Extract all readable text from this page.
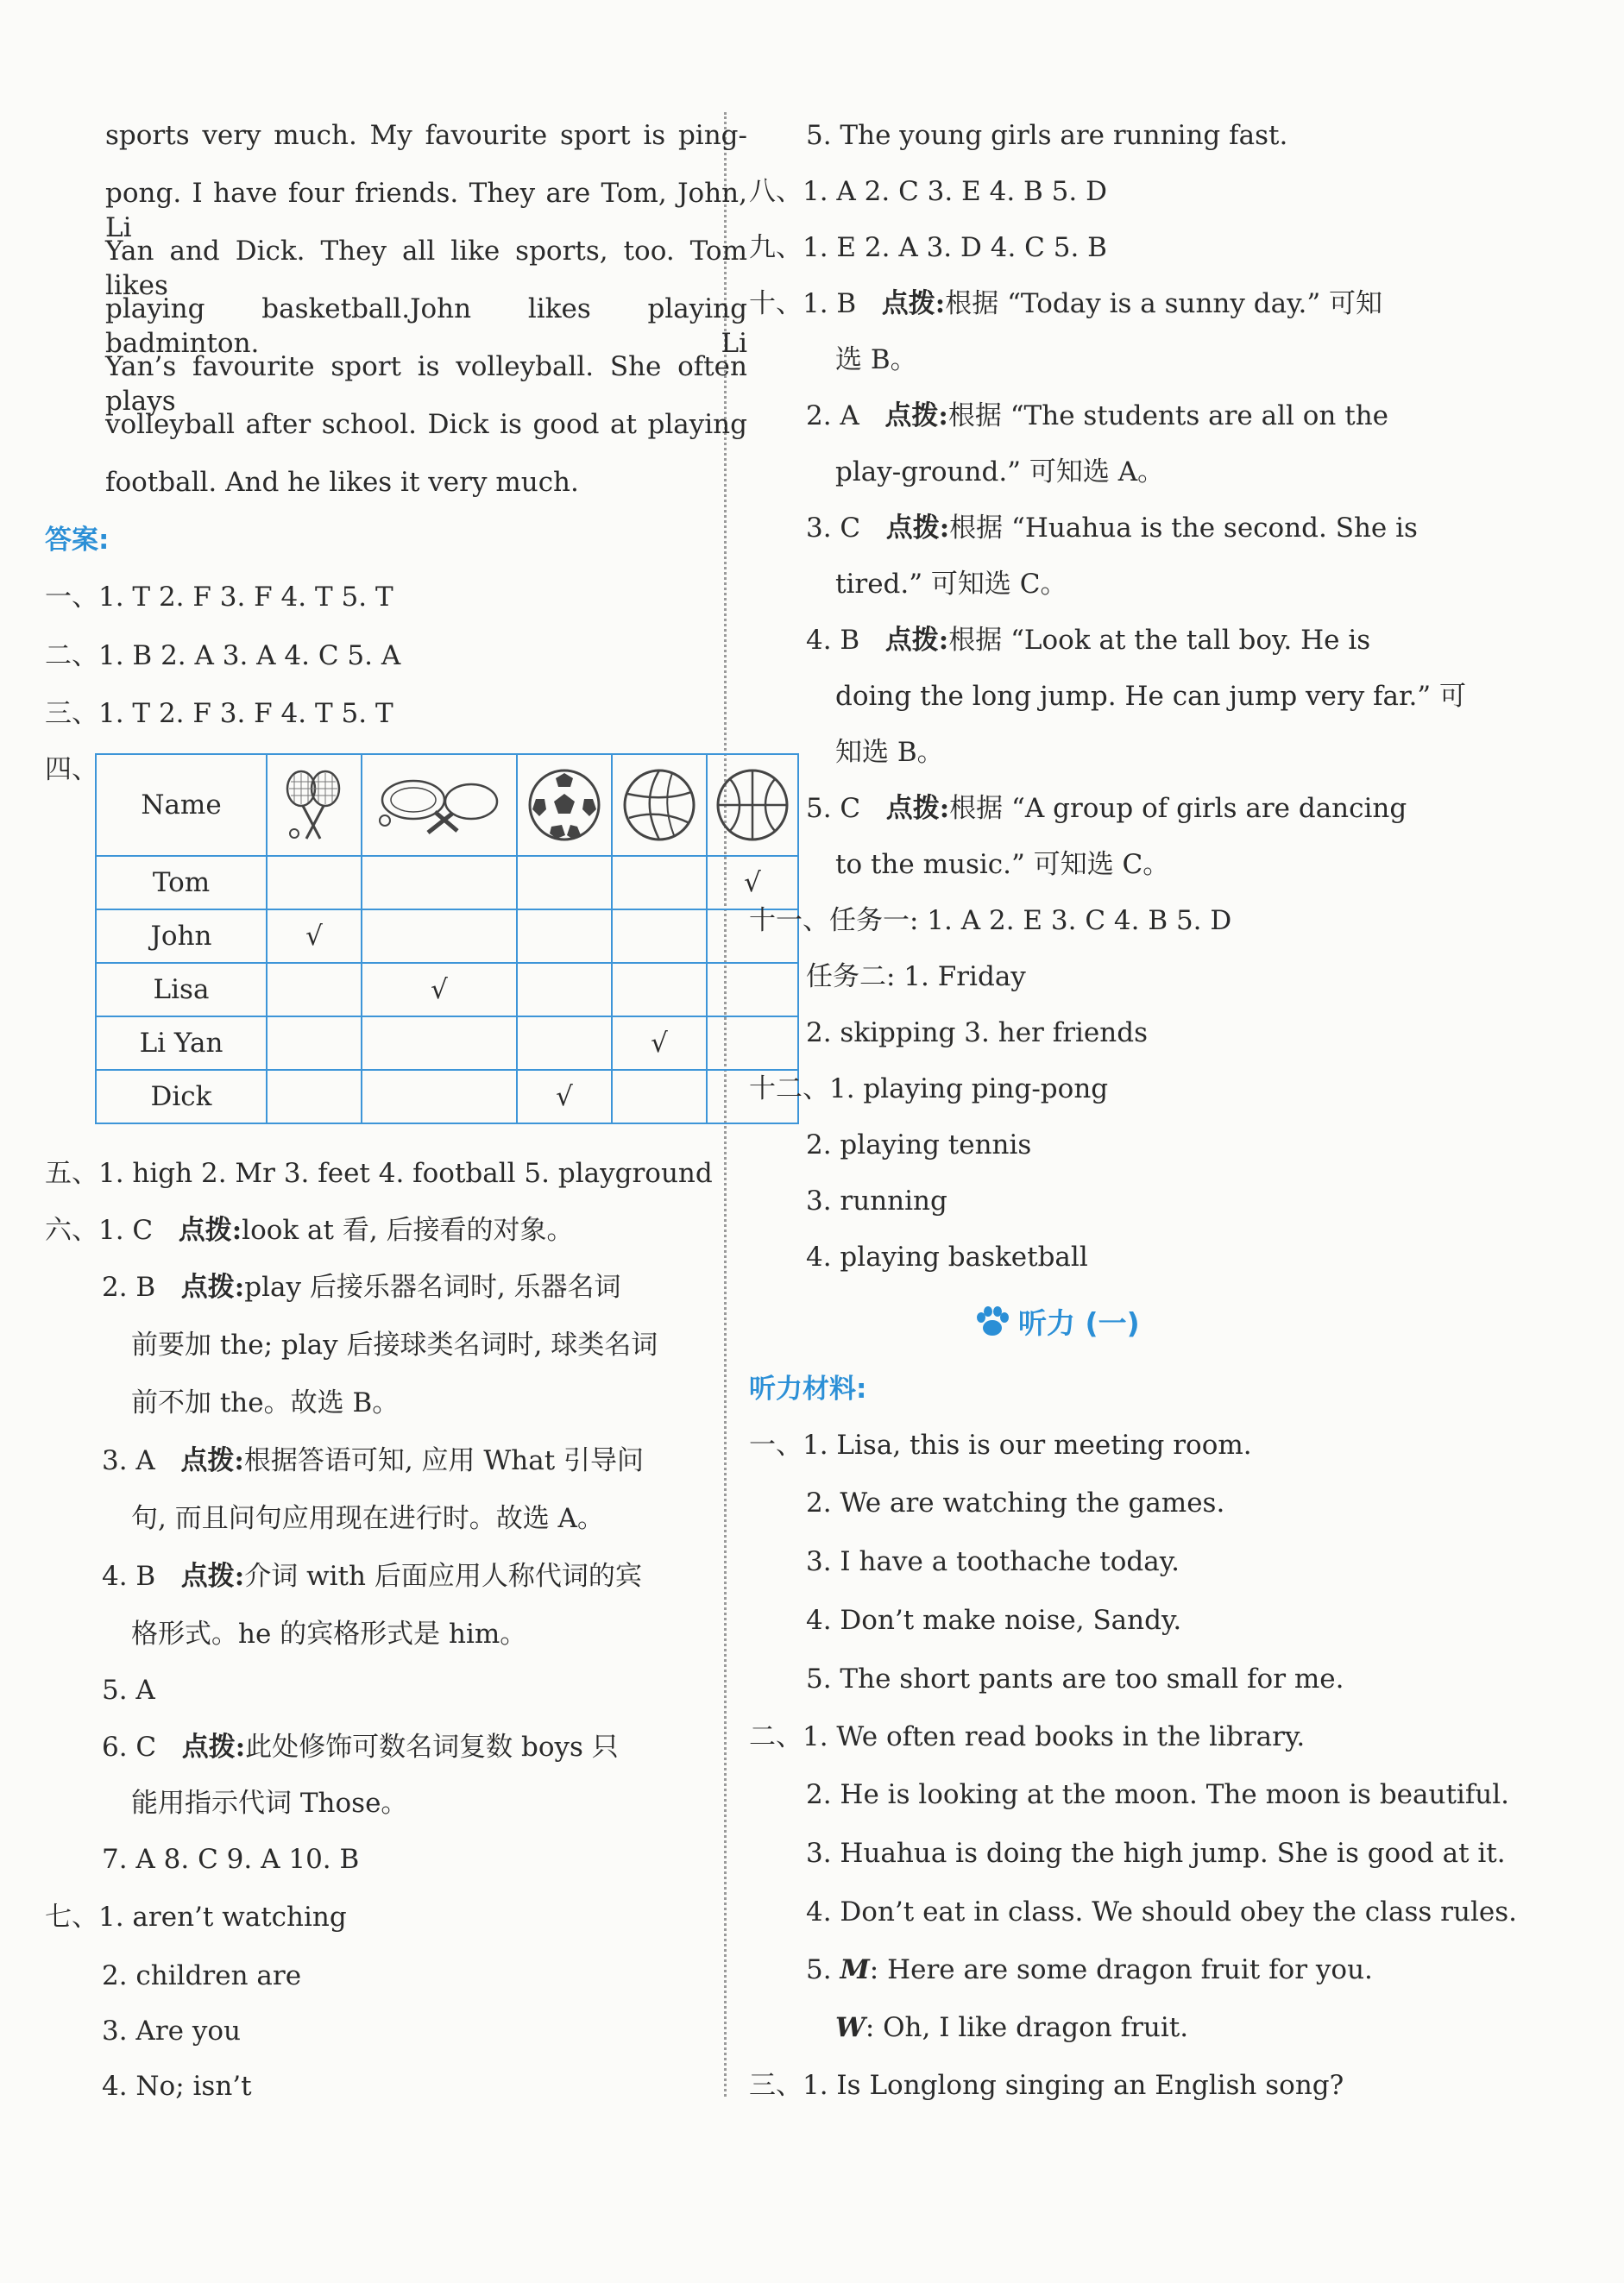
sports very much. My favourite sport is ping-
pong. I have four friends. They are Tom, John, Li
Yan and Dick. They all like sports, too. Tom likes
playing basketball.John likes playing badminton. Li
Yan’s favourite sport is volleyball. She often plays
volleyball after school. Dick is good at playing
football. And he likes it very much.
答案:
一、1. T 2. F 3. F 4. T 5. T
二、1. B 2. A 3. A 4. C 5. A
三、1. T 2. F 3. F 4. T 5. T
四、
Name	

Tom					√
John	√				
Lisa		√			
Li Yan				√	
Dick			√		
五、1. high 2. Mr 3. feet 4. football 5. playground
六、1. C 点拨:look at 看, 后接看的对象。
2. B 点拨:play 后接乐器名词时, 乐器名词
前要加 the; play 后接球类名词时, 球类名词
前不加 the。故选 B。
3. A 点拨:根据答语可知, 应用 What 引导问
句, 而且问句应用现在进行时。故选 A。
4. B 点拨:介词 with 后面应用人称代词的宾
格形式。he 的宾格形式是 him。
5. A
6. C 点拨:此处修饰可数名词复数 boys 只
能用指示代词 Those。
7. A 8. C 9. A 10. B
七、1. aren’t watching
2. children are
3. Are you
4. No; isn’t
5. The young girls are running fast.
八、1. A 2. C 3. E 4. B 5. D
九、1. E 2. A 3. D 4. C 5. B
十、1. B 点拨:根据 “Today is a sunny day.” 可知
选 B。
2. A 点拨:根据 “The students are all on the
play-ground.” 可知选 A。
3. C 点拨:根据 “Huahua is the second. She is
tired.” 可知选 C。
4. B 点拨:根据 “Look at the tall boy. He is
doing the long jump. He can jump very far.” 可
知选 B。
5. C 点拨:根据 “A group of girls are dancing
to the music.” 可知选 C。
十一、任务一: 1. A 2. E 3. C 4. B 5. D
任务二: 1. Friday
2. skipping 3. her friends
十二、1. playing ping-pong
2. playing tennis
3. running
4. playing basketball
听力 (一)
听力材料:
一、1. Lisa, this is our meeting room.
2. We are watching the games.
3. I have a toothache today.
4. Don’t make noise, Sandy.
5. The short pants are too small for me.
二、1. We often read books in the library.
2. He is looking at the moon. The moon is beautiful.
3. Huahua is doing the high jump. She is good at it.
4. Don’t eat in class. We should obey the class rules.
5. M: Here are some dragon fruit for you.
W: Oh, I like dragon fruit.
三、1. Is Longlong singing an English song?
